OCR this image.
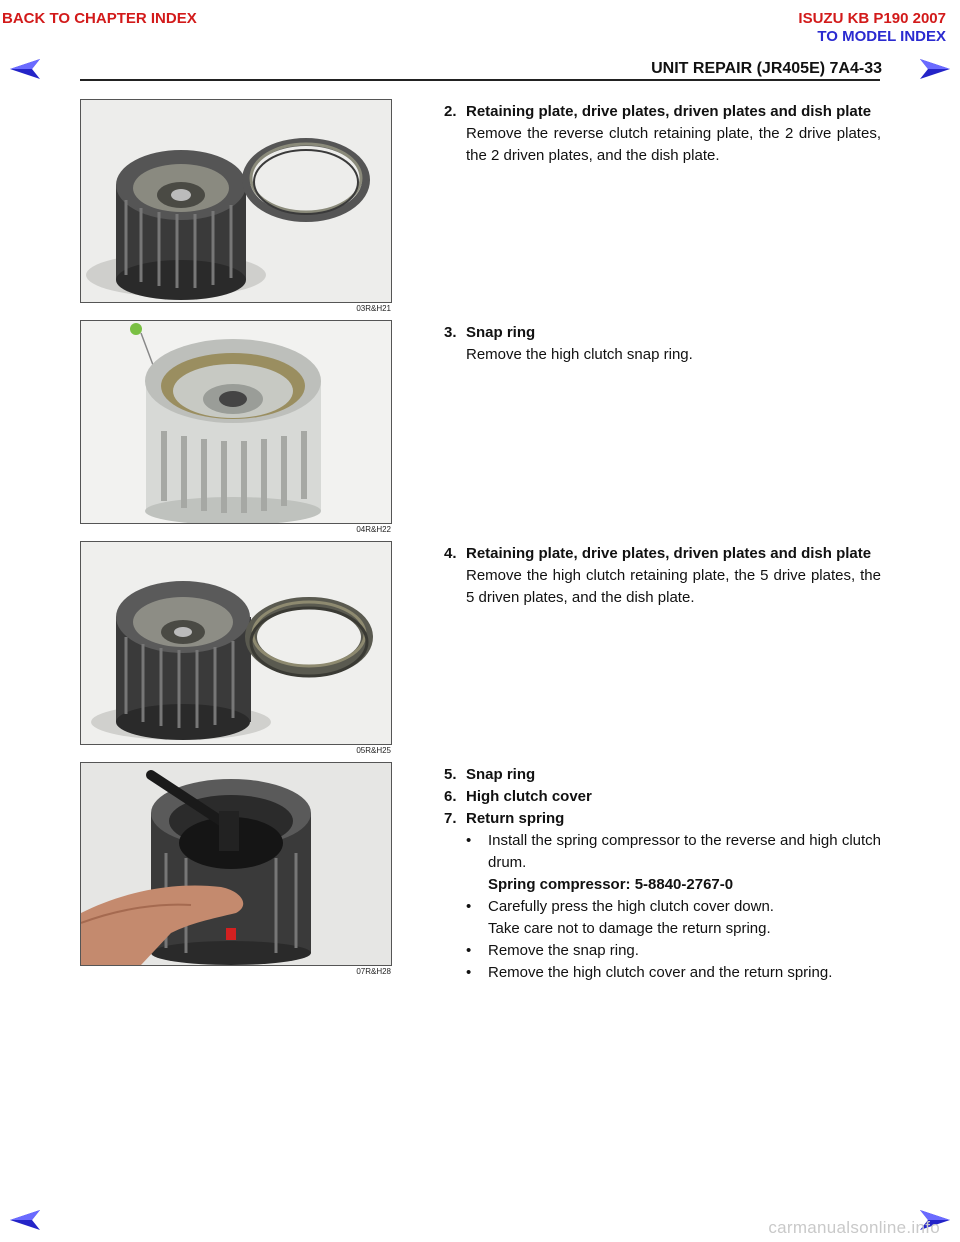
BACK TO CHAPTER INDEX	ISUZU KB P190 2007
TO MODEL INDEX
UNIT REPAIR (JR405E) 7A4-33
03R&H21
04R&H22
05R&H25
07R&H28
2. Retaining plate, drive plates, driven plates and dish plate
Remove the reverse clutch retaining plate, the 2 drive plates, the 2 driven plates, and the dish plate.
3. Snap ring
Remove the high clutch snap ring.
4. Retaining plate, drive plates, driven plates and dish plate
Remove the high clutch retaining plate, the 5 drive plates, the 5 driven plates, and the dish plate.
5. Snap ring
6. High clutch cover
7. Return spring
•	Install the spring compressor to the reverse and high clutch drum.
Spring compressor: 5-8840-2767-0
•	Carefully press the high clutch cover down.
Take care not to damage the return spring.
•	Remove the snap ring.
•	Remove the high clutch cover and the return spring.
carmanualsonline.info
